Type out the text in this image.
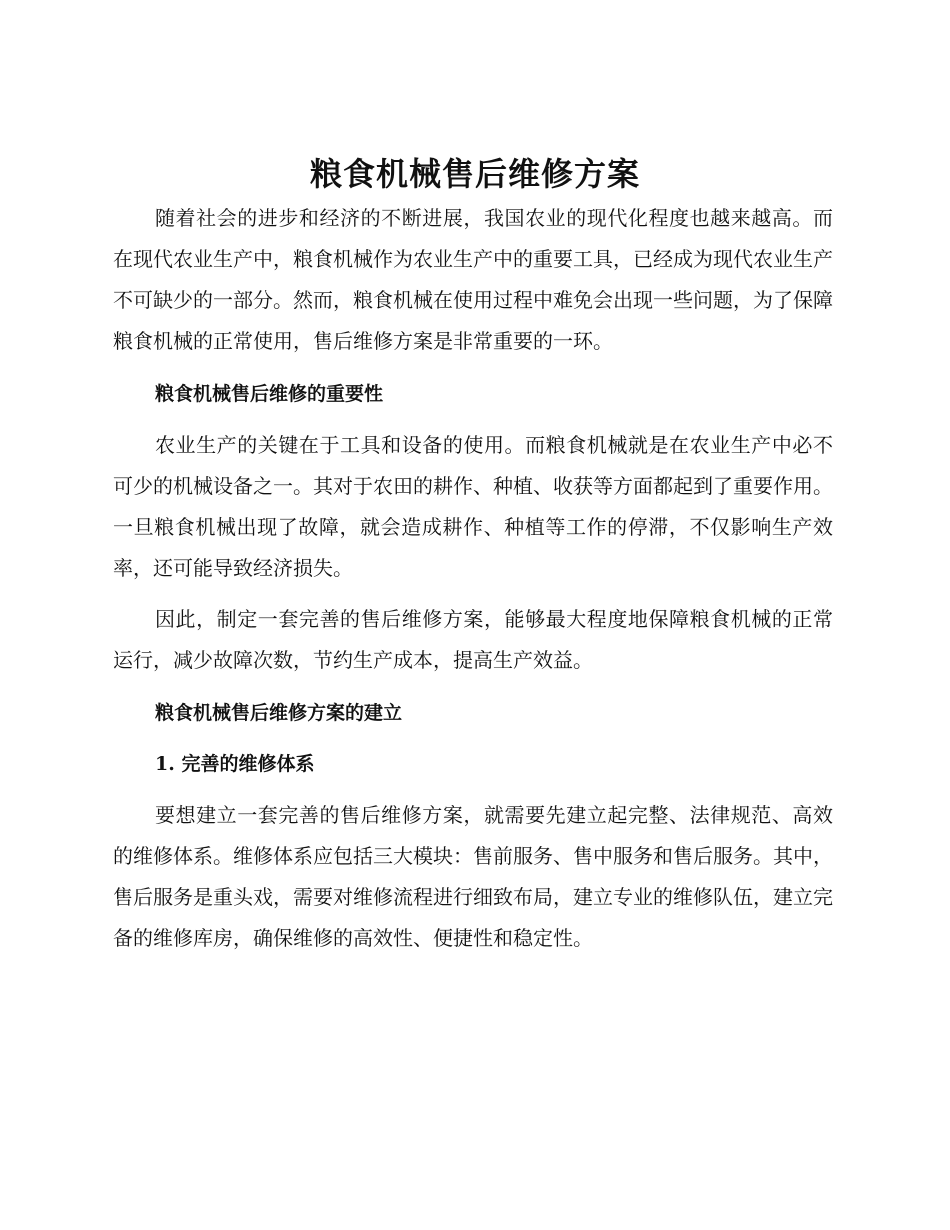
粮食机械售后维修方案

随着社会的进步和经济的不断进展，我国农业的现代化程度也越来越高。而在现代农业生产中，粮食机械作为农业生产中的重要工具，已经成为现代农业生产不可缺少的一部分。然而，粮食机械在使用过程中难免会出现一些问题，为了保障粮食机械的正常使用，售后维修方案是非常重要的一环。

粮食机械售后维修的重要性

农业生产的关键在于工具和设备的使用。而粮食机械就是在农业生产中必不可少的机械设备之一。其对于农田的耕作、种植、收获等方面都起到了重要作用。一旦粮食机械出现了故障，就会造成耕作、种植等工作的停滞，不仅影响生产效率，还可能导致经济损失。

因此，制定一套完善的售后维修方案，能够最大程度地保障粮食机械的正常运行，减少故障次数，节约生产成本，提高生产效益。

粮食机械售后维修方案的建立
1. 完善的维修体系

要想建立一套完善的售后维修方案，就需要先建立起完整、法律规范、高效的维修体系。维修体系应包括三大模块：售前服务、售中服务和售后服务。其中，售后服务是重头戏，需要对维修流程进行细致布局，建立专业的维修队伍，建立完备的维修库房，确保维修的高效性、便捷性和稳定性。
